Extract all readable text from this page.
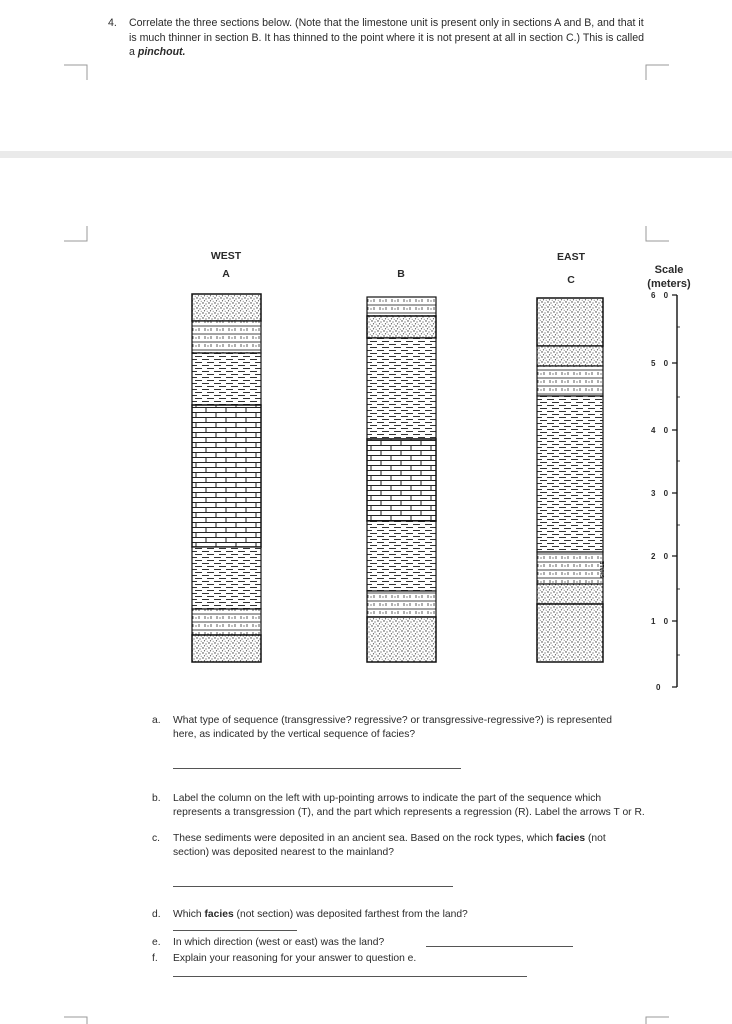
4. Correlate the three sections below. (Note that the limestone unit is present only in sections A and B, and that it is much thinner in section B. It has thinned to the point where it is not present at all in section C.) This is called a pinchout.
WEST
A	B
EAST
C
SHALE
Scale
(meters)
6 0
5 0
4 0
3 0
2 0
1 0
0
a. What type of sequence (transgressive? regressive? or transgressive-regressive?) is represented here, as indicated by the vertical sequence of facies?
b. Label the column on the left with up-pointing arrows to indicate the part of the sequence which represents a transgression (T), and the part which represents a regression (R). Label the arrows T or R.
c. These sediments were deposited in an ancient sea. Based on the rock types, which facies (not section) was deposited nearest to the mainland?
d. Which facies (not section) was deposited farthest from the land?
e. In which direction (west or east) was the land?
f. Explain your reasoning for your answer to question e.
